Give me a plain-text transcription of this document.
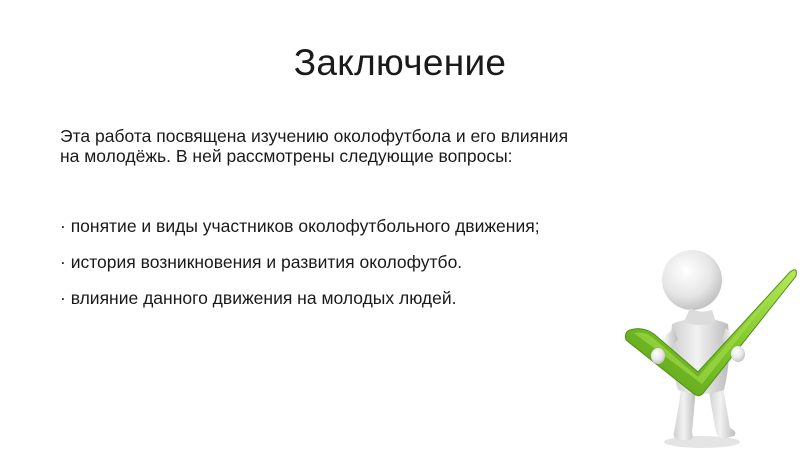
Заключение

Эта работа посвящена изучению околофутбола и его влияния

на молодёжь. В ней рассмотрены следующие вопросы:

· понятие и виды участников околофутбольного движения;
· история возникновения и развития околофутбо.
· влияние данного движения на молодых людей.
